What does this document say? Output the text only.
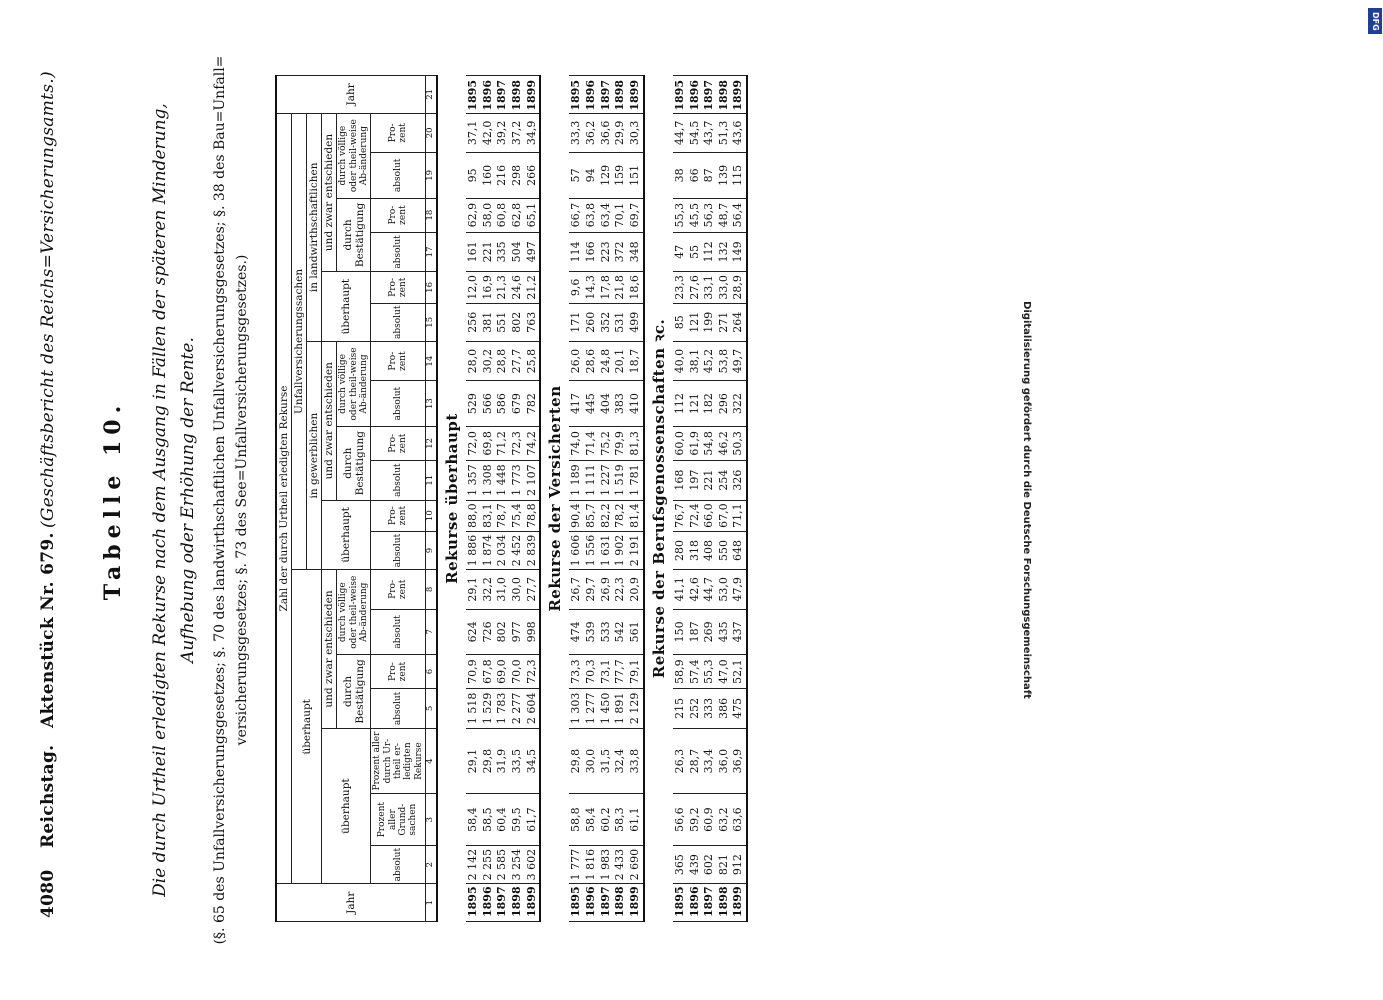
4080
Reichstag.
Aktenstück Nr. 679.
(Geschäftsbericht des Reichs=Versicherungsamts.) Tabelle 10. Die durch Urtheil erledigten Rekurse nach dem Ausgang in Fällen der späteren Minderung, Aufhebung oder Erhöhung der Rente. (§. 65 des Unfallversicherungsgesetzes; §. 70 des landwirthschaftlichen Unfallversicherungsgesetzes; §. 38 des Bau=Unfall= versicherungsgesetzes; §. 73 des See=Unfallversicherungsgesetzes.)
Jahr	Zahl der durch Urtheil erledigten Rekurse																			Jahr
	überhaupt							Unfallversicherungssachen												
								in gewerblichen						in landwirthschaftlichen						
	überhaupt			und zwar entschieden				überhaupt		und zwar entschieden				überhaupt		und zwar entschieden				
				durch Bestätigung		durch völlige oder theil-weise Ab-änderung				durch Bestätigung		durch völlige oder theil-weise Ab-änderung				durch Bestätigung		durch völlige oder theil-weise Ab-änderung		
	absolut	Prozent aller Grund-sachen	Prozent aller durch Ur-theil er-ledigten Rekurse	absolut	Pro-zent	absolut	Pro-zent	absolut	Pro-zent	absolut	Pro-zent	absolut	Pro-zent	absolut	Pro-zent	absolut	Pro-zent	absolut	Pro-zent	
1	2	3	4	5	6	7	8	9	10	11	12	13	14	15	16	17	18	19	20	21
Rekurse überhaupt																				
1895	2 142	58,4	29,1	1 518	70,9	624	29,1	1 886	88,0	1 357	72,0	529	28,0	256	12,0	161	62,9	95	37,1	1895
1896	2 255	58,5	29,8	1 529	67,8	726	32,2	1 874	83,1	1 308	69,8	566	30,2	381	16,9	221	58,0	160	42,0	1896
1897	2 585	60,4	31,9	1 783	69,0	802	31,0	2 034	78,7	1 448	71,2	586	28,8	551	21,3	335	60,8	216	39,2	1897
1898	3 254	59,5	33,5	2 277	70,0	977	30,0	2 452	75,4	1 773	72,3	679	27,7	802	24,6	504	62,8	298	37,2	1898
1899	3 602	61,7	34,5	2 604	72,3	998	27,7	2 839	78,8	2 107	74,2	782	25,8	763	21,2	497	65,1	266	34,9	1899
Rekurse der Versicherten																				
1895	1 777	58,8	29,8	1 303	73,3	474	26,7	1 606	90,4	1 189	74,0	417	26,0	171	9,6	114	66,7	57	33,3	1895
1896	1 816	58,4	30,0	1 277	70,3	539	29,7	1 556	85,7	1 111	71,4	445	28,6	260	14,3	166	63,8	94	36,2	1896
1897	1 983	60,2	31,5	1 450	73,1	533	26,9	1 631	82,2	1 227	75,2	404	24,8	352	17,8	223	63,4	129	36,6	1897
1898	2 433	58,3	32,4	1 891	77,7	542	22,3	1 902	78,2	1 519	79,9	383	20,1	531	21,8	372	70,1	159	29,9	1898
1899	2 690	61,1	33,8	2 129	79,1	561	20,9	2 191	81,4	1 781	81,3	410	18,7	499	18,6	348	69,7	151	30,3	1899
Rekurse der Berufsgenossenschaften ꝛc.																				
1895	365	56,6	26,3	215	58,9	150	41,1	280	76,7	168	60,0	112	40,0	85	23,3	47	55,3	38	44,7	1895
1896	439	59,2	28,7	252	57,4	187	42,6	318	72,4	197	61,9	121	38,1	121	27,6	55	45,5	66	54,5	1896
1897	602	60,9	33,4	333	55,3	269	44,7	408	66,0	221	54,8	182	45,2	199	33,1	112	56,3	87	43,7	1897
1898	821	63,2	36,0	386	47,0	435	53,0	550	67,0	254	46,2	296	53,8	271	33,0	132	48,7	139	51,3	1898
1899	912	63,6	36,9	475	52,1	437	47,9	648	71,1	326	50,3	322	49,7	264	28,9	149	56,4	115	43,6	1899
Digitalisierung gefördert durch die Deutsche Forschungsgemeinschaft
DFG
